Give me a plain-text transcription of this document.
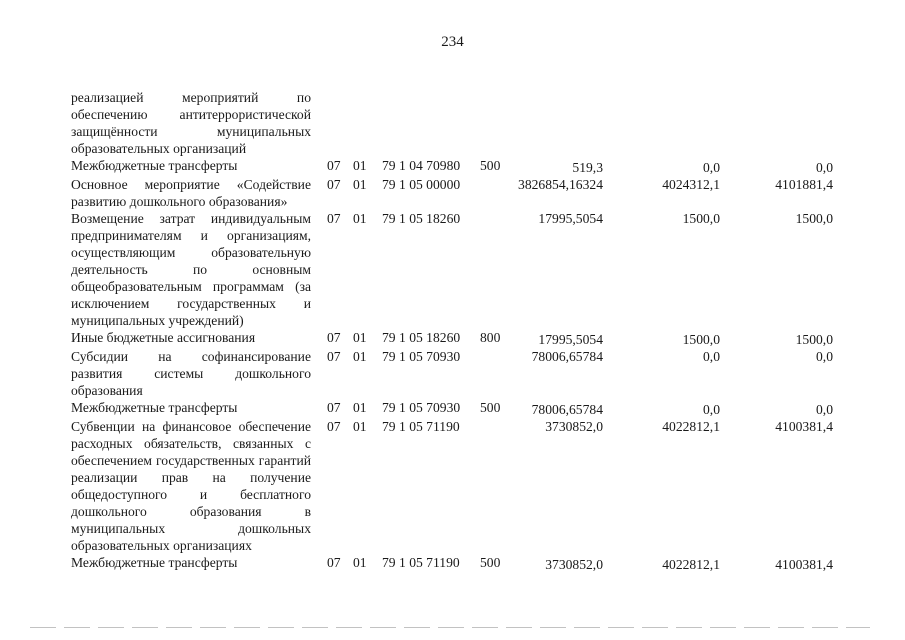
234
реализацией мероприятий по обеспечению антитеррористической защищённости муниципальных образовательных организаций							
Межбюджетные трансферты	07	01	79 1 04 70980	500	519,3	0,0	0,0
Основное мероприятие «Содействие развитию дошкольного образования»	07	01	79 1 05 00000		3826854,16324	4024312,1	4101881,4
Возмещение затрат индивидуальным предпринимателям и организациям, осуществляющим образовательную деятельность по основным общеобразовательным программам (за исключением государственных и муниципальных учреждений)	07	01	79 1 05 18260		17995,5054	1500,0	1500,0
Иные бюджетные ассигнования	07	01	79 1 05 18260	800	17995,5054	1500,0	1500,0
Субсидии на софинансирование развития системы дошкольного образования	07	01	79 1 05 70930		78006,65784	0,0	0,0
Межбюджетные трансферты	07	01	79 1 05 70930	500	78006,65784	0,0	0,0
Субвенции на финансовое обеспечение расходных обязательств, связанных с обеспечением государственных гарантий реализации прав на получение общедоступного и бесплатного дошкольного образования в муниципальных дошкольных образовательных организациях	07	01	79 1 05 71190		3730852,0	4022812,1	4100381,4
Межбюджетные трансферты	07	01	79 1 05 71190	500	3730852,0	4022812,1	4100381,4
